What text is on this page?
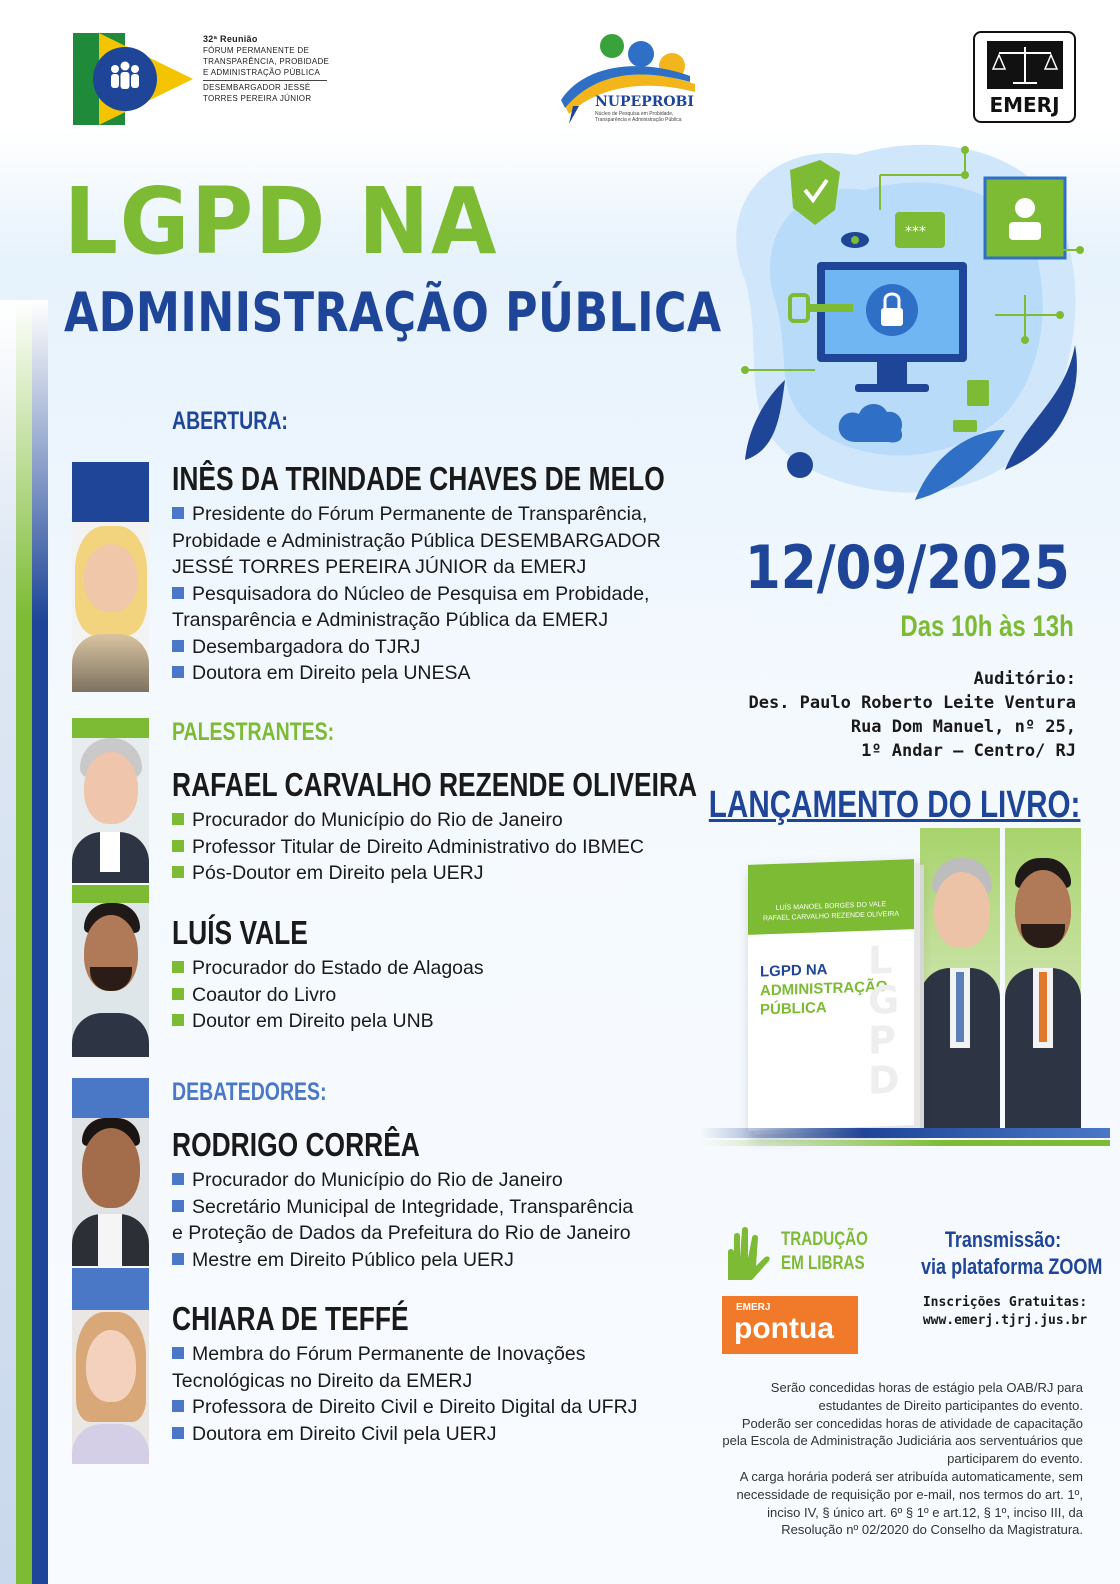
32ª Reunião
FÓRUM PERMANENTE DE
TRANSPARÊNCIA, PROBIDADE
E ADMINISTRAÇÃO PÚBLICA
DESEMBARGADOR JESSÉ
TORRES PEREIRA JÚNIOR	NUPEPROBI
Núcleo de Pesquisa em Probidade,
Transparência e Administração Pública
EMERJ
LGPD NA
ADMINISTRAÇÃO PÚBLICA
***
ABERTURA:
INÊS DA TRINDADE CHAVES DE MELO
Presidente do Fórum Permanente de Transparência,
Probidade e Administração Pública DESEMBARGADOR
JESSÉ TORRES PEREIRA JÚNIOR da EMERJ
Pesquisadora do Núcleo de Pesquisa em Probidade,
Transparência e Administração Pública da EMERJ
Desembargadora do TJRJ
Doutora em Direito pela UNESA
PALESTRANTES:
RAFAEL CARVALHO REZENDE OLIVEIRA
Procurador do Município do Rio de Janeiro
Professor Titular de Direito Administrativo do IBMEC
Pós-Doutor em Direito pela UERJ
LUÍS VALE
Procurador do Estado de Alagoas
Coautor do Livro
Doutor em Direito pela UNB
DEBATEDORES:
RODRIGO CORRÊA
Procurador do Município do Rio de Janeiro
Secretário Municipal de Integridade, Transparência
e Proteção de Dados da Prefeitura do Rio de Janeiro
Mestre em Direito Público pela UERJ
CHIARA DE TEFFÉ
Membra do Fórum Permanente de Inovações
Tecnológicas no Direito da EMERJ
Professora de Direito Civil e Direito Digital da UFRJ
Doutora em Direito Civil pela UERJ
12/09/2025
Das 10h às 13h
Auditório:
Des. Paulo Roberto Leite Ventura
Rua Dom Manuel, nº 25,
1º Andar – Centro/ RJ
LANÇAMENTO DO LIVRO:
LUÍS MANOEL BORGES DO VALE
RAFAEL CARVALHO REZENDE OLIVEIRA
LGPD NA
ADMINISTRAÇÃO
PÚBLICA
L
G
P
D
TRADUÇÃO
EM LIBRAS
Transmissão:
via plataforma ZOOM
EMERJ
pontua
Inscrições Gratuitas:
www.emerj.tjrj.jus.br
Serão concedidas horas de estágio pela OAB/RJ para
estudantes de Direito participantes do evento.
Poderão ser concedidas horas de atividade de capacitação
pela Escola de Administração Judiciária aos serventuários que
participarem do evento.
A carga horária poderá ser atribuída automaticamente, sem
necessidade de requisição por e-mail, nos termos do art. 1º,
inciso IV, § único art. 6º § 1º e art.12, § 1º, inciso III, da
Resolução nº 02/2020 do Conselho da Magistratura.
